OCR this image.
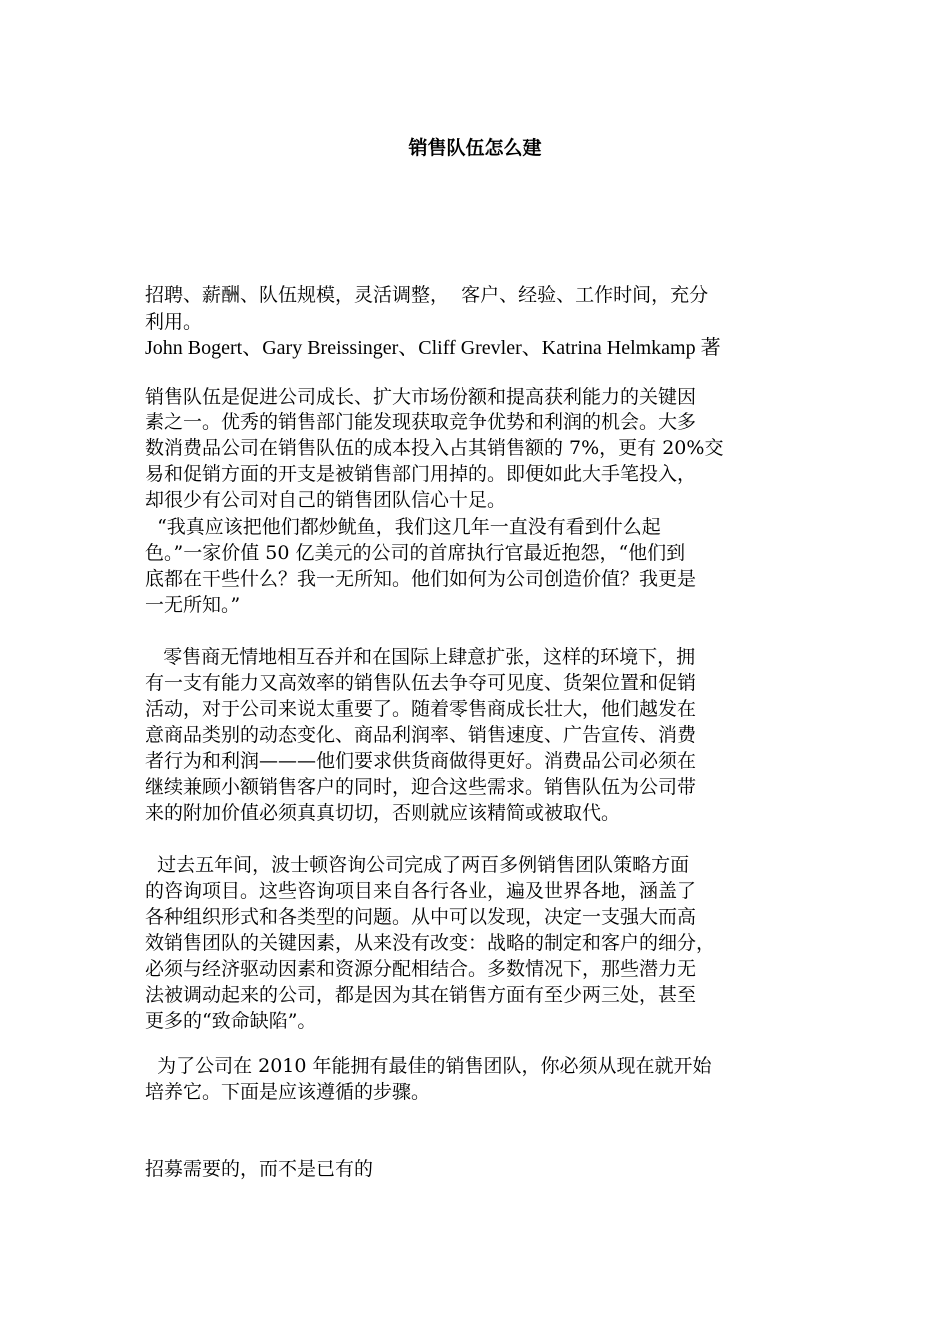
销售队伍怎么建

招聘、薪酬、队伍规模，灵活调整，  客户、经验、工作时间，充分

利用。

John Bogert、Gary Breissinger、Cliff Grevler、Katrina Helmkamp 著

销售队伍是促进公司成长、扩大市场份额和提高获利能力的关键因

素之一。优秀的销售部门能发现获取竞争优势和利润的机会。大多

数消费品公司在销售队伍的成本投入占其销售额的 7%，更有 20%交

易和促销方面的开支是被销售部门用掉的。即便如此大手笔投入，

却很少有公司对自己的销售团队信心十足。

“我真应该把他们都炒鱿鱼，我们这几年一直没有看到什么起

色。”一家价值 50 亿美元的公司的首席执行官最近抱怨，“他们到

底都在干些什么？我一无所知。他们如何为公司创造价值？我更是

一无所知。”

零售商无情地相互吞并和在国际上肆意扩张，这样的环境下，拥

有一支有能力又高效率的销售队伍去争夺可见度、货架位置和促销

活动，对于公司来说太重要了。随着零售商成长壮大，他们越发在

意商品类别的动态变化、商品利润率、销售速度、广告宣传、消费

者行为和利润———他们要求供货商做得更好。消费品公司必须在

继续兼顾小额销售客户的同时，迎合这些需求。销售队伍为公司带

来的附加价值必须真真切切，否则就应该精简或被取代。

过去五年间，波士顿咨询公司完成了两百多例销售团队策略方面

的咨询项目。这些咨询项目来自各行各业，遍及世界各地，涵盖了

各种组织形式和各类型的问题。从中可以发现，决定一支强大而高

效销售团队的关键因素，从来没有改变：战略的制定和客户的细分，

必须与经济驱动因素和资源分配相结合。多数情况下，那些潜力无

法被调动起来的公司，都是因为其在销售方面有至少两三处，甚至

更多的“致命缺陷”。

为了公司在 2010 年能拥有最佳的销售团队，你必须从现在就开始

培养它。下面是应该遵循的步骤。

招募需要的，而不是已有的
